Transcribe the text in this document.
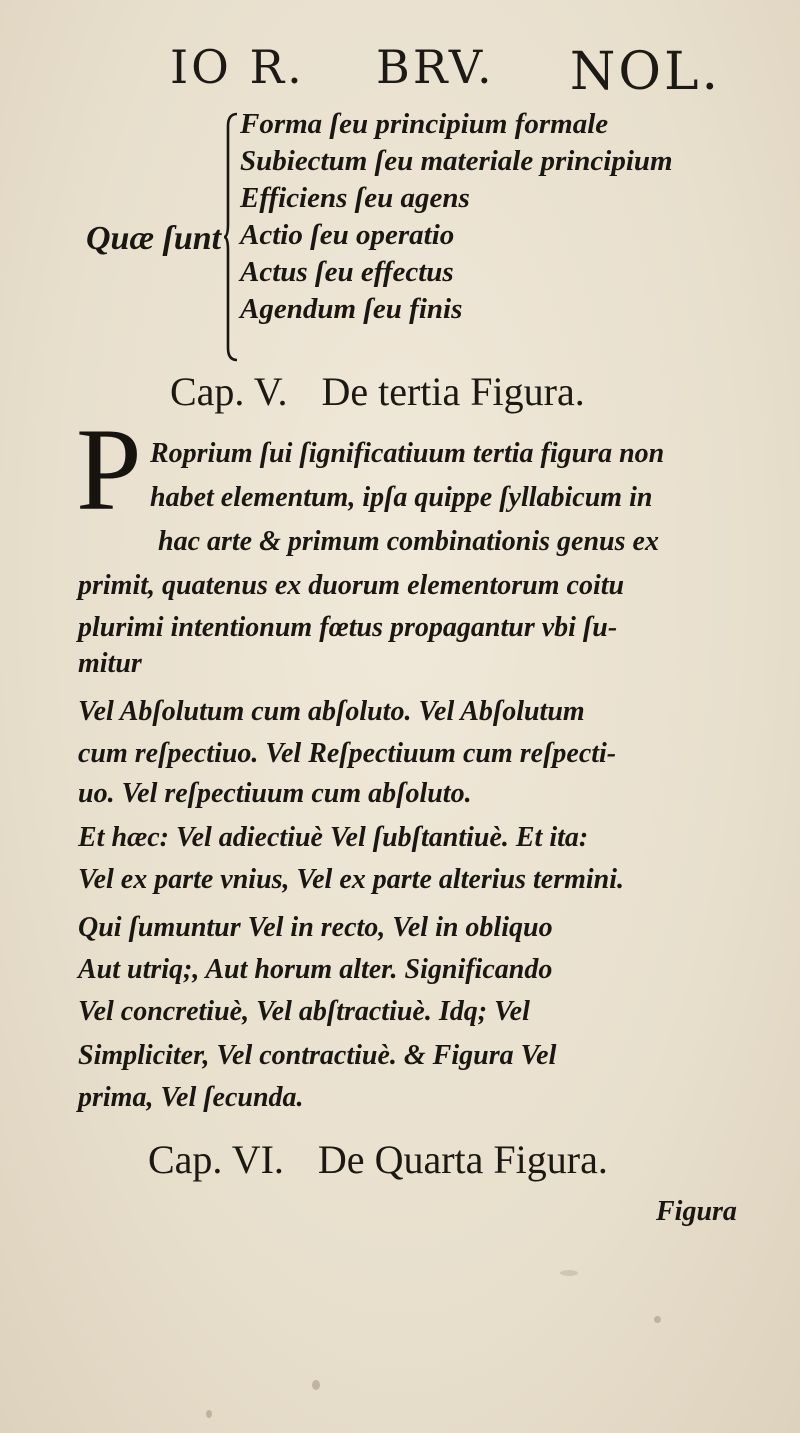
IO R. BRV. NOL.
Quæ ſunt
Forma ſeu principium formale
Subiectum ſeu materiale principium
Efficiens ſeu agens
Actio ſeu operatio
Actus ſeu effectus
Agendum ſeu finis
Cap. V. De tertia Figura.
P Roprium ſui ſignificatiuum tertia figura non
habet elementum, ipſa quippe ſyllabicum in
hac arte & primum combinationis genus ex
primit, quatenus ex duorum elementorum coitu
plurimi intentionum fœtus propagantur vbi ſu-
mitur
Vel Abſolutum cum abſoluto. Vel Abſolutum
cum reſpectiuo. Vel Reſpectiuum cum reſpecti-
uo. Vel reſpectiuum cum abſoluto.
Et hæc: Vel adiectiuè Vel ſubſtantiuè. Et ita:
Vel ex parte vnius, Vel ex parte alterius termini.
Qui ſumuntur Vel in recto, Vel in obliquo
Aut utriq;, Aut horum alter. Significando
Vel concretiuè, Vel abſtractiuè. Idq; Vel
Simpliciter, Vel contractiuè. & Figura Vel
prima, Vel ſecunda.
Cap. VI. De Quarta Figura.
Figura
